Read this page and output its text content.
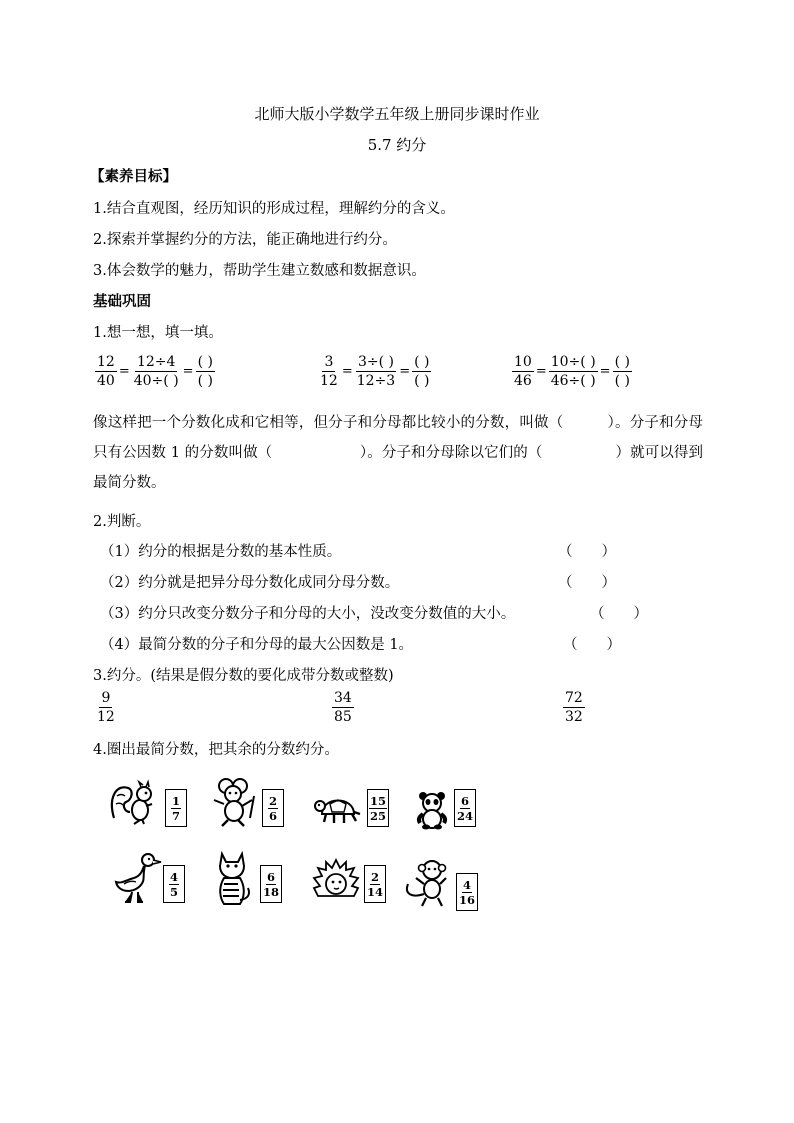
北师大版小学数学五年级上册同步课时作业
5.7 约分
【素养目标】
1.结合直观图，经历知识的形成过程，理解约分的含义。
2.探索并掌握约分的方法，能正确地进行约分。
3.体会数学的魅力，帮助学生建立数感和数据意识。
基础巩固
1.想一想，填一填。
$\frac{12}{40} = \frac{12\div 4}{40\div( )} = \frac{( )}{( )}$	$\frac{3}{12} = \frac{3\div( )}{12\div 3} = \frac{( )}{( )}$	$\frac{10}{46} = \frac{10\div( )}{46\div( )} = \frac{( )}{( )}$
像这样把一个分数化成和它相等，但分子和分母都比较小的分数，叫做（　　　）。分子和分母只有公因数 1 的分数叫做（　　　　　　）。分子和分母除以它们的（　　　　　）就可以得到最简分数。
2.判断。
（1）约分的根据是分数的基本性质。	（　　）
（2）约分就是把异分母分数化成同分母分数。	（　　）
（3）约分只改变分数分子和分母的大小，没改变分数值的大小。	（　　）
（4）最简分数的分子和分母的最大公因数是 1。	（　　）
3.约分。(结果是假分数的要化成带分数或整数)
$\frac{9}{12}$	$\frac{34}{85}$	$\frac{72}{32}$
4.圈出最简分数，把其余的分数约分。
1
7
2
6
15
25
6
24
4
5
6
18
2
14	4
16
